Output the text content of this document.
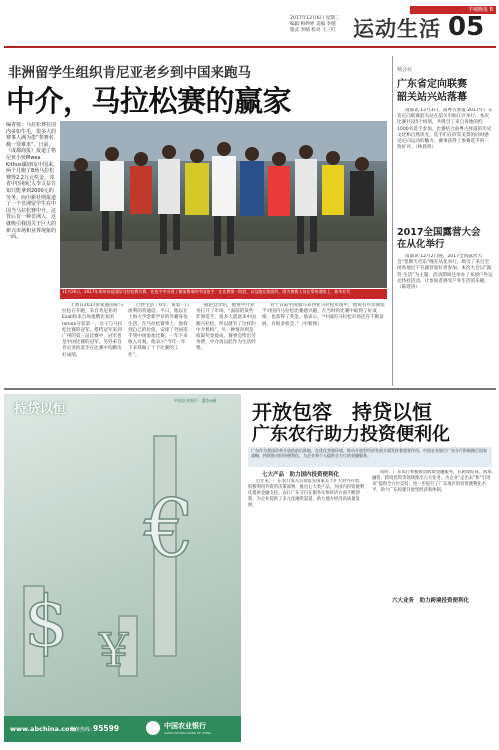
2017年12月6日 星期三
编辑 梅婷婷 美编 李晴
版式 李晴 校对 王三红
羊城晚报 B
运动生活 05
非洲留学生组织肯尼亚老乡到中国来跑马
中介，马拉松赛的赢家
编者按：马拉松赛在国内多如牛毛，很多大的赛事人满为患“参赛名额一票难求”。日前，《成都商报》报道了格尼亚小伙Mwea Kithusi跟朋友中国来，两个月跑了8场马拉松赛得2.2万元奖金。邻省中国祖纪人李文益告知只能拿到2000元的劳务。而中新社则报道了一个非洲留学生在中国当马拉松赛中介，这背后有一种非洲人，这就吸引我国关于巨大的新兴市场和业界现象的一面。
11月26日，2017年郑州首届国际马拉松赛开赛，在选手中出现了参加赛事的中国选手，在比赛第一阶段，以及跑在前面的，图为参赛人员在郑州道路上，新华社发

上周日2017张家港国际马拉松在开跑，来自肯尼亚的Ezall和来自埃塞俄比亚的Iamen分获第一，女子与马拉松比赛的冠军。搭档冠军来到广州的第三站比赛中，冠军也是中国比赛的冠军。另外来自肯尼亚的选手在比赛中均跑出好成绩。

已经生活了6年，说着一口流利的普通话。平日，他以在上海大学念新学业的外籍身份生活，在马拉松赛事上，他找到自己的价值，安排了外国选手到中国参加比赛，一年下来收入可观，他表示“今年一年下来我做了十个比赛的工作”。

据赵廷介绍，他说中介业务打开了市场，“面前的某些非洲选手，很多人愿意来中国跑马拉松，所以就有了这样的中介机构”。另一种情况则是收取奖金提成，赛事会给出劳务费，中介再以此作为生活经费。

对于日前中国加马来西亚马拉松市场中，他说有些非洲选手对国内马拉松比赛感兴趣，在当时的比赛中取得了好成绩，也获得了奖金。他表示，“中国的马拉松市场还在不断发展，有很多机会。”（中新网）

城会玩
广东省定向联赛
韶关站兴站落幕
南都讯 12月3日，南粤古驿道·2017年广东省定向联赛韶关站在韶关市曲江区举行。本次比赛共设5个组别，共吸引了来自各地的约1000名选手参加。比赛结合南粤古驿道的历史文化和自然风光，选手们在欣赏美景的同时感受定向运动的魅力。赛事获得了参赛选手的一致好评。（林晨鸿）
2017全国露营大会
在从化举行
南都讯 12月2日晚，2017全国露营大会“星期天音乐”晚在从化举行，吸引了来自全国各地近千名露营爱好者参加。本次大会以“露营·生活”为主题，活动期间还举办了多项户外运动体验活动，让参加者感受户外生活的乐趣。（陈建涛）
中国农业银行 · 惠农e通
持贷以恒
€
$ ¥
www.abchina.com
服务热线：
95599	中国农业银行
AGRICULTURAL BANK OF CHINA
开放包容　持贷以恒
广东农行助力投资便利化
广东作为我国改革开放的前沿阵地，在优化营商环境、推动开放型经济发展方面发挥着重要作用。中国农业银行广东分行积极践行国家战略，持续推动投资便利化，为企业和个人提供全方位的金融服务。
七大产品　助力国内投资便利化

近年来，广东农行深入贯彻落实国家关于扩大对外开放、积极利用外资的决策部署，推出七大类产品，为国内投资便利化提供金融支持。农行广东分行在服务实体经济方面不断创新，为企业提供了多元化融资渠道，助力地方经济高质量发展。

六大业务　助力跨境投资便利化

同时，广东农行积极推动跨境金融服务，在跨境结算、跨境融资、跨境投资等领域推出六大业务，为企业“走出去”和“引进来”提供全方位支持，进一步提升了广东地区的投资便利化水平，助力广东构建开放型经济新体制。
